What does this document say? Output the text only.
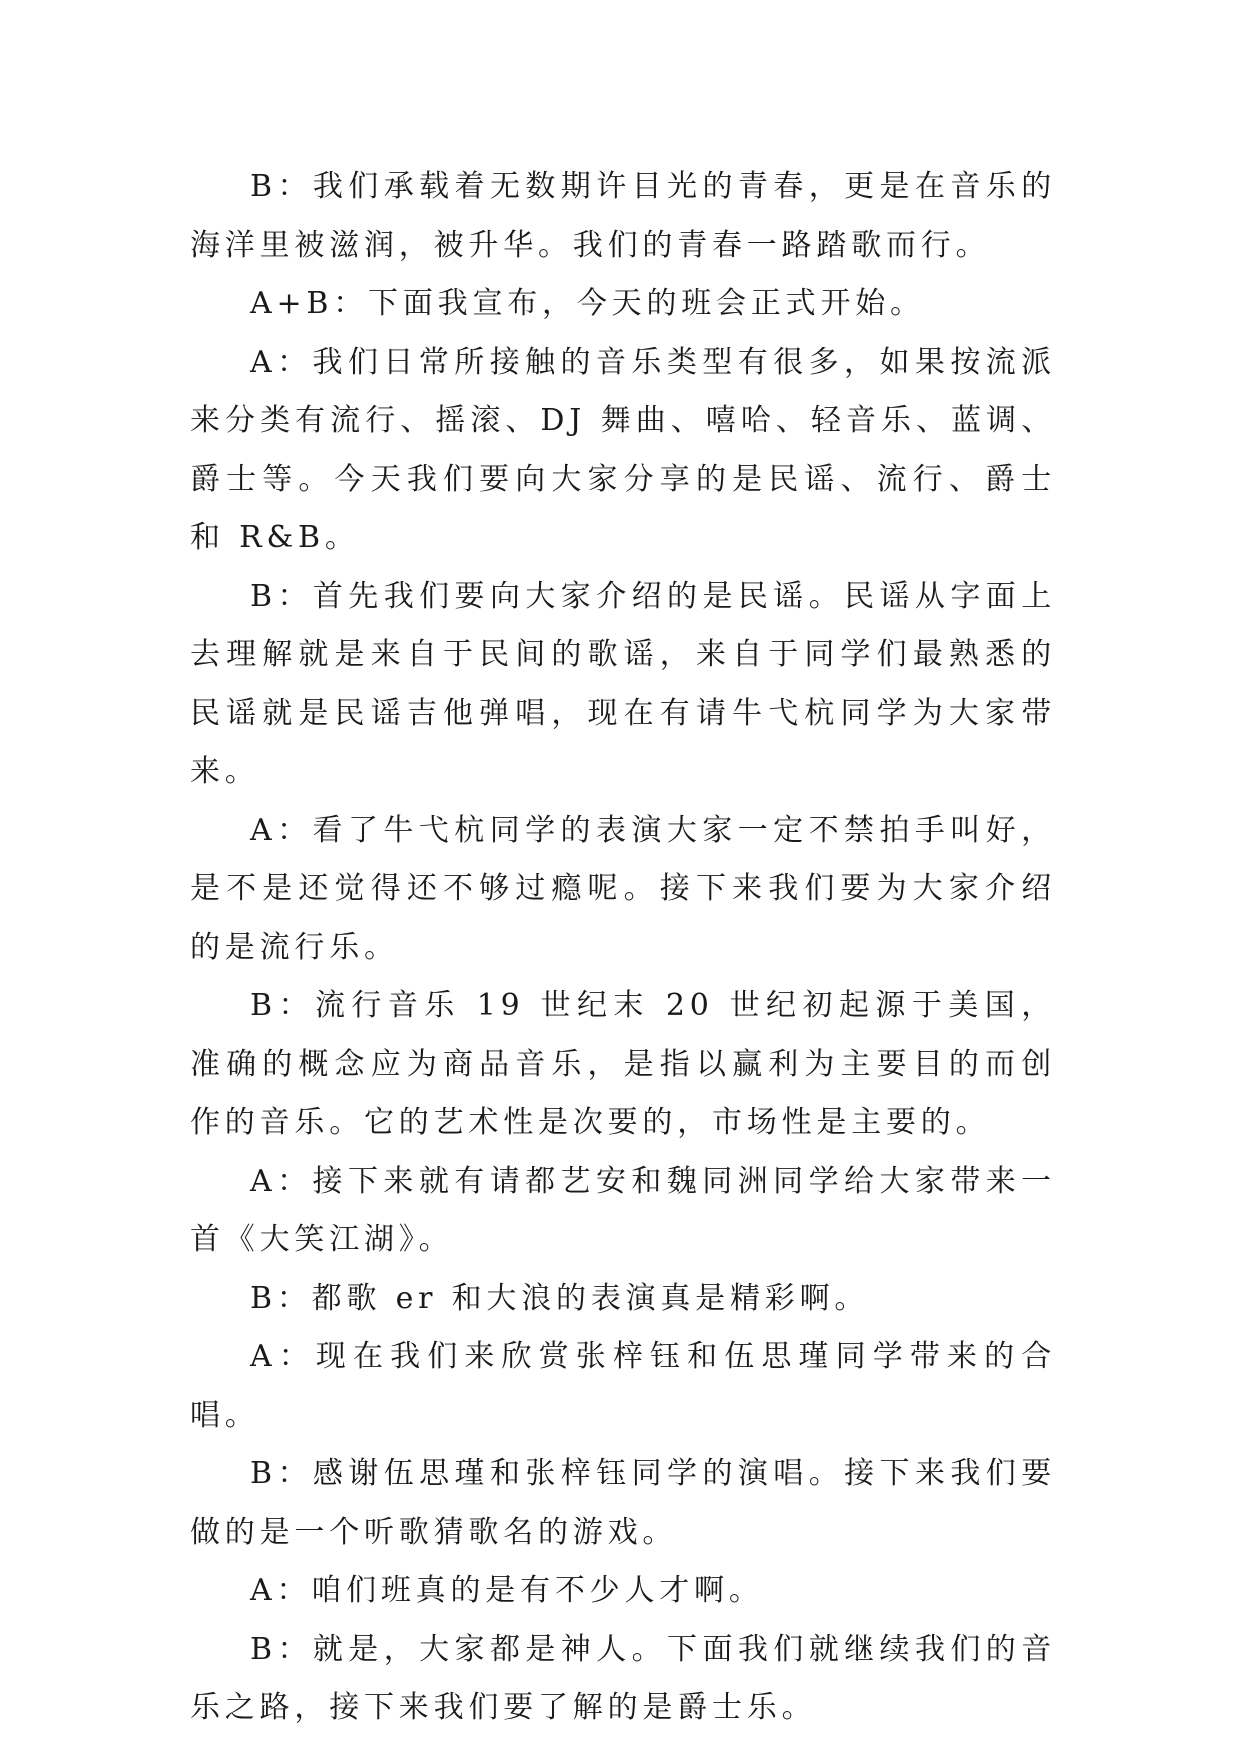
B：我们承载着无数期许目光的青春，更是在音乐的海洋里被滋润，被升华。我们的青春一路踏歌而行。

A+B：下面我宣布，今天的班会正式开始。

A：我们日常所接触的音乐类型有很多，如果按流派来分类有流行、摇滚、DJ 舞曲、嘻哈、轻音乐、蓝调、爵士等。今天我们要向大家分享的是民谣、流行、爵士和 R&B。

B：首先我们要向大家介绍的是民谣。民谣从字面上去理解就是来自于民间的歌谣，来自于同学们最熟悉的民谣就是民谣吉他弹唱，现在有请牛弋杭同学为大家带来。

A：看了牛弋杭同学的表演大家一定不禁拍手叫好，是不是还觉得还不够过瘾呢。接下来我们要为大家介绍的是流行乐。

B：流行音乐 19 世纪末 20 世纪初起源于美国，准确的概念应为商品音乐，是指以赢利为主要目的而创作的音乐。它的艺术性是次要的，市场性是主要的。

A：接下来就有请都艺安和魏同洲同学给大家带来一首《大笑江湖》。

B：都歌 er 和大浪的表演真是精彩啊。

A：现在我们来欣赏张梓钰和伍思瑾同学带来的合唱。

B：感谢伍思瑾和张梓钰同学的演唱。接下来我们要做的是一个听歌猜歌名的游戏。

A：咱们班真的是有不少人才啊。

B：就是，大家都是神人。下面我们就继续我们的音乐之路，接下来我们要了解的是爵士乐。
